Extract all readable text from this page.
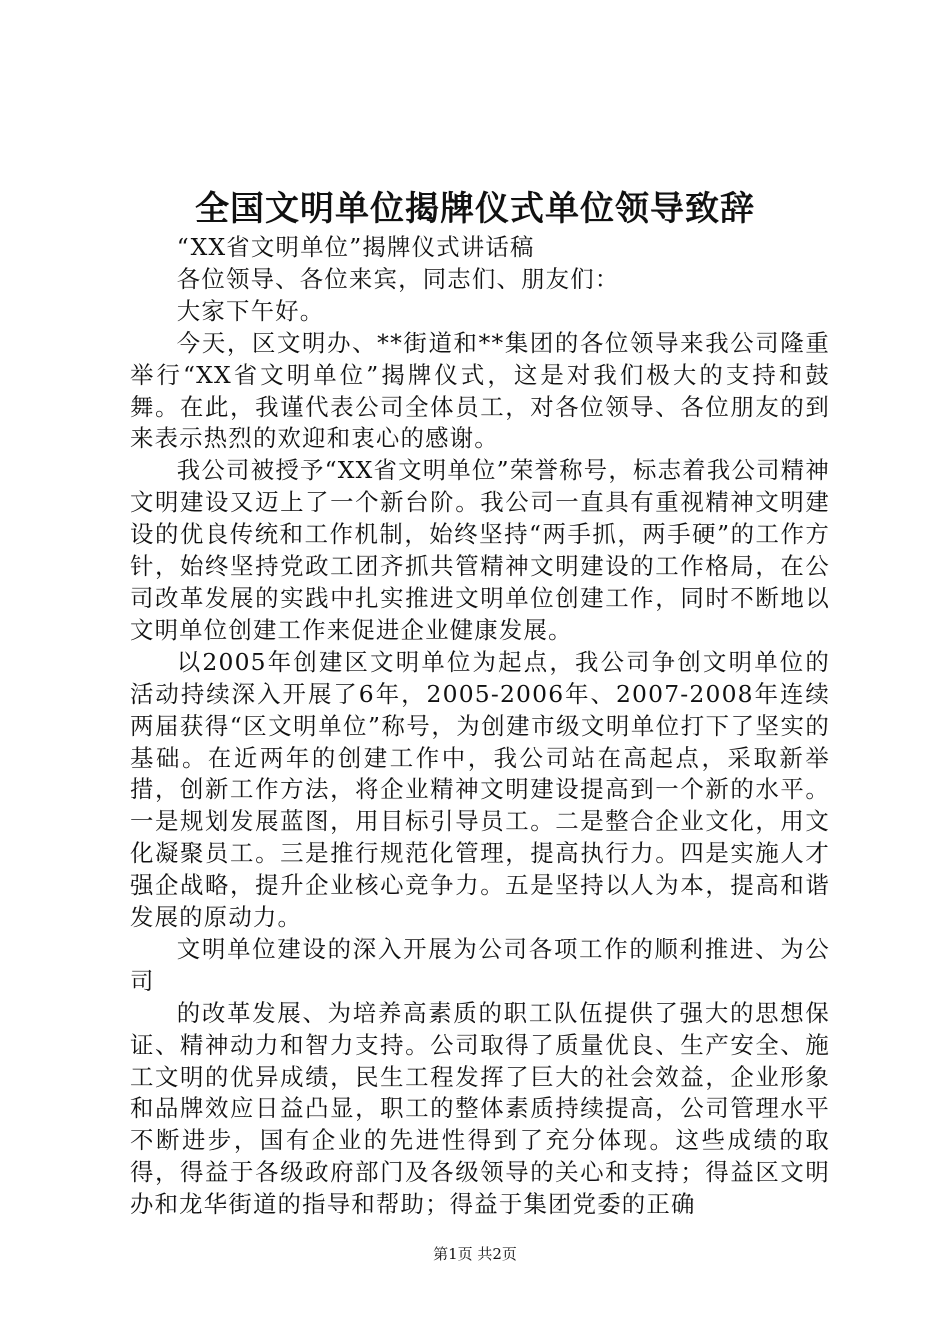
全国文明单位揭牌仪式单位领导致辞

“XX省文明单位”揭牌仪式讲话稿

各位领导、各位来宾，同志们、朋友们：

大家下午好。

今天，区文明办、**街道和**集团的各位领导来我公司隆重举行“XX省文明单位”揭牌仪式，这是对我们极大的支持和鼓舞。在此，我谨代表公司全体员工，对各位领导、各位朋友的到来表示热烈的欢迎和衷心的感谢。

我公司被授予“XX省文明单位”荣誉称号，标志着我公司精神文明建设又迈上了一个新台阶。我公司一直具有重视精神文明建设的优良传统和工作机制，始终坚持“两手抓，两手硬”的工作方针，始终坚持党政工团齐抓共管精神文明建设的工作格局，在公司改革发展的实践中扎实推进文明单位创建工作，同时不断地以文明单位创建工作来促进企业健康发展。

以2005年创建区文明单位为起点，我公司争创文明单位的活动持续深入开展了6年，2005-2006年、2007-2008年连续两届获得“区文明单位”称号，为创建市级文明单位打下了坚实的基础。在近两年的创建工作中，我公司站在高起点，采取新举措，创新工作方法，将企业精神文明建设提高到一个新的水平。一是规划发展蓝图，用目标引导员工。二是整合企业文化，用文化凝聚员工。三是推行规范化管理，提高执行力。四是实施人才强企战略，提升企业核心竞争力。五是坚持以人为本，提高和谐发展的原动力。

文明单位建设的深入开展为公司各项工作的顺利推进、为公司

的改革发展、为培养高素质的职工队伍提供了强大的思想保证、精神动力和智力支持。公司取得了质量优良、生产安全、施工文明的优异成绩，民生工程发挥了巨大的社会效益，企业形象和品牌效应日益凸显，职工的整体素质持续提高，公司管理水平不断进步，国有企业的先进性得到了充分体现。这些成绩的取得，得益于各级政府部门及各级领导的关心和支持；得益区文明办和龙华街道的指导和帮助；得益于集团党委的正确

第1页 共2页
